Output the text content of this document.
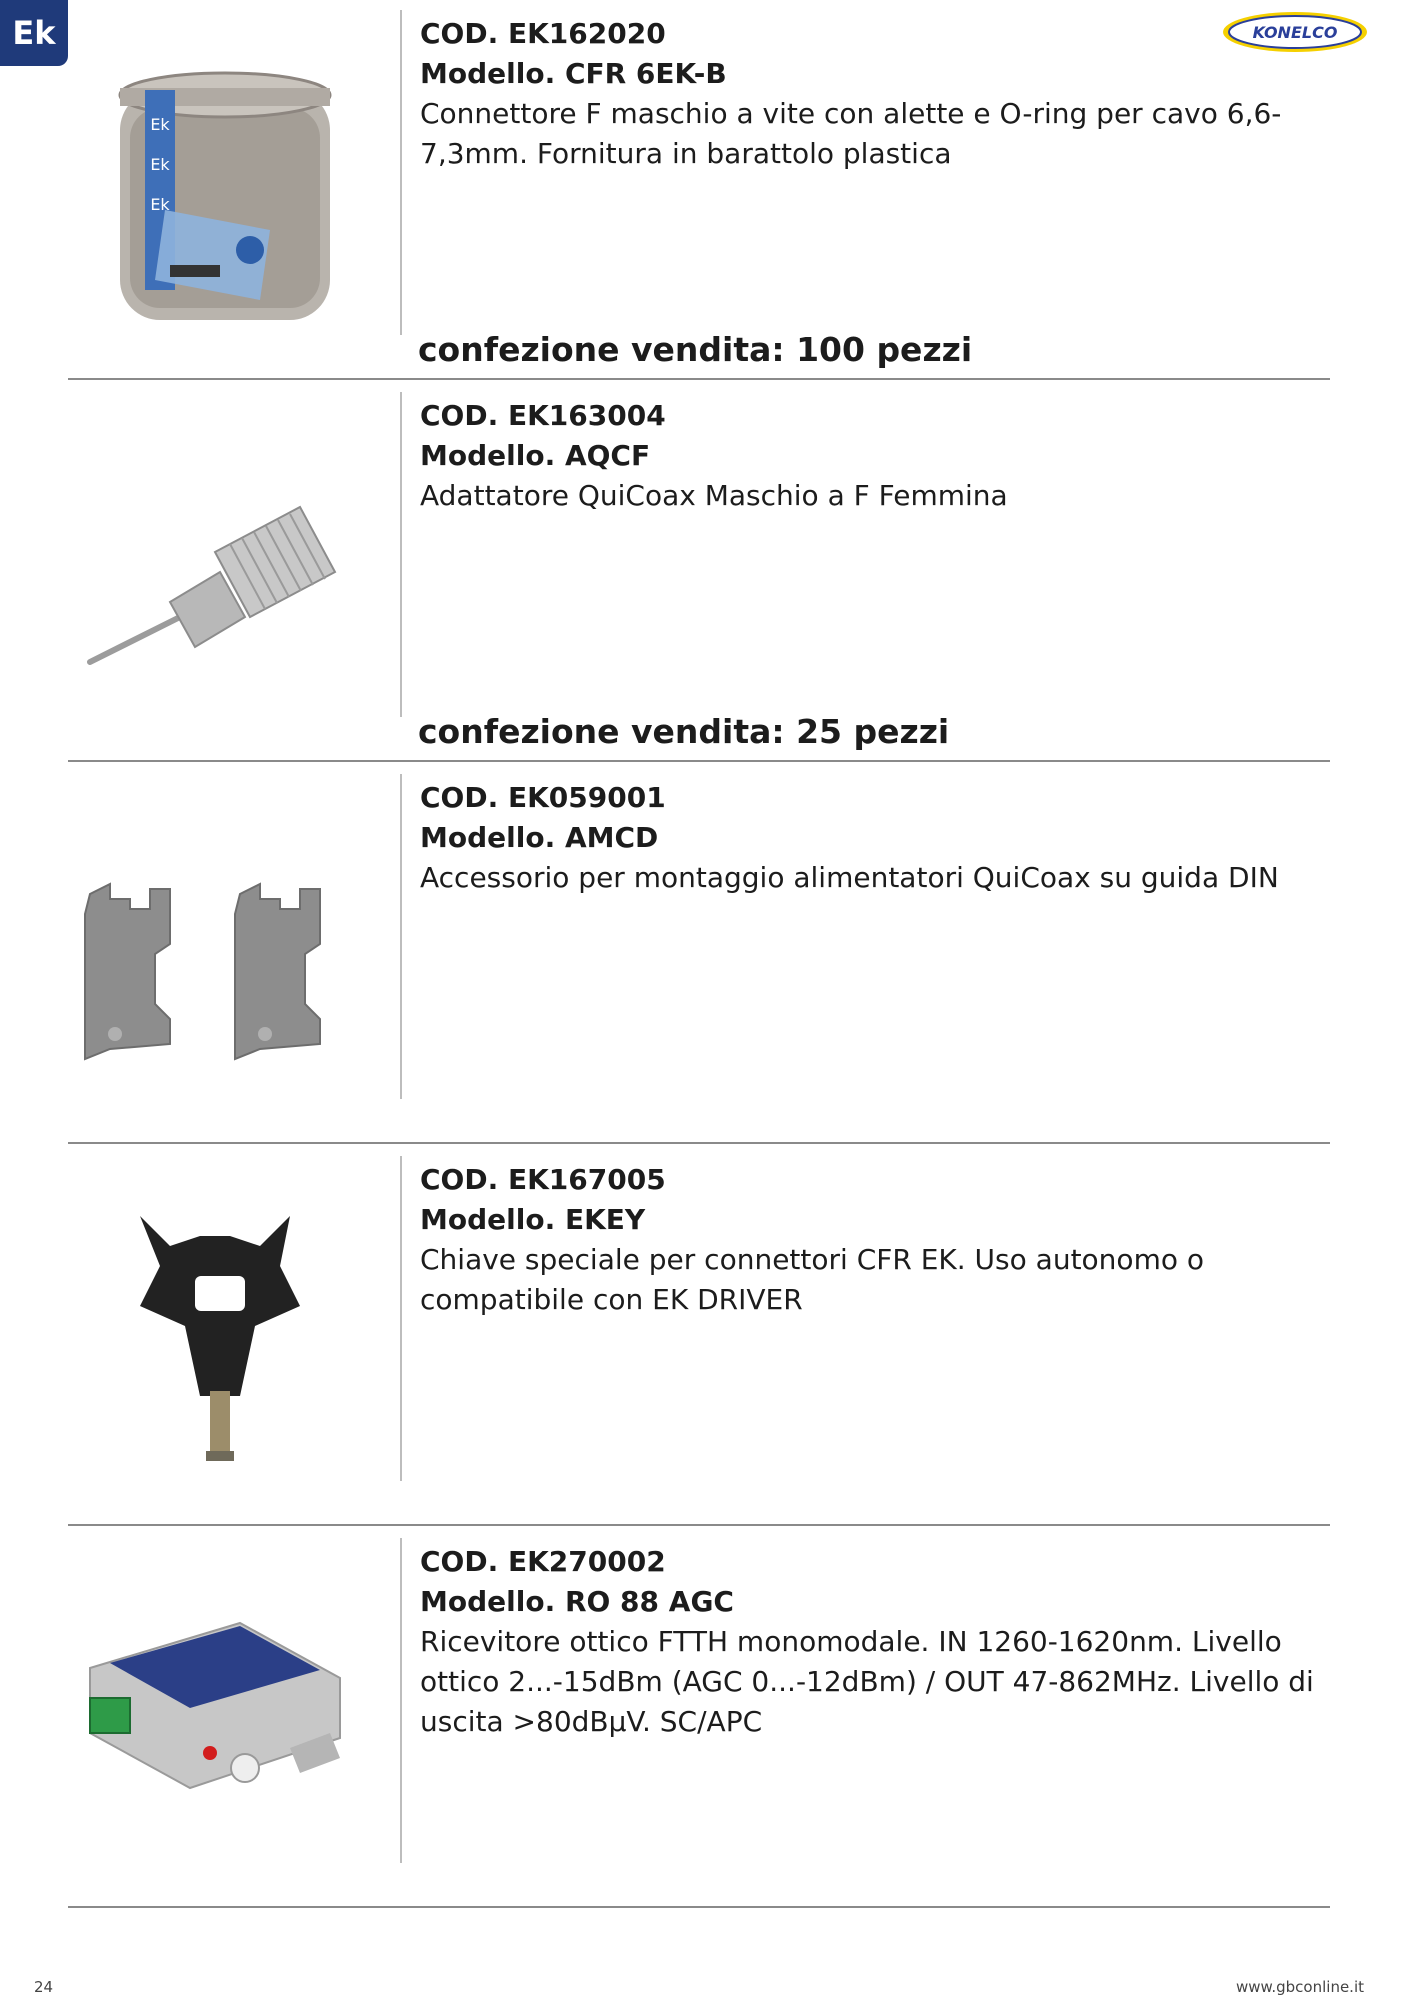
Ek	KONELCO
Ek
Ek
Ek
COD. EK162020
Modello. CFR 6EK-B
Connettore F maschio a vite con alette e O-ring per cavo 6,6-7,3mm. Fornitura in barattolo plastica
confezione vendita: 100 pezzi
COD. EK163004
Modello. AQCF
Adattatore QuiCoax Maschio a F Femmina
confezione vendita: 25 pezzi
COD. EK059001
Modello. AMCD
Accessorio per montaggio alimentatori QuiCoax su guida DIN
COD. EK167005
Modello. EKEY
Chiave speciale per connettori CFR EK. Uso autonomo o compatibile con EK DRIVER
COD. EK270002
Modello. RO 88 AGC
Ricevitore ottico FTTH monomodale. IN 1260-1620nm. Livello ottico 2...-15dBm (AGC 0...-12dBm) / OUT 47-862MHz. Livello di uscita >80dBμV. SC/APC
24	www.gbconline.it
